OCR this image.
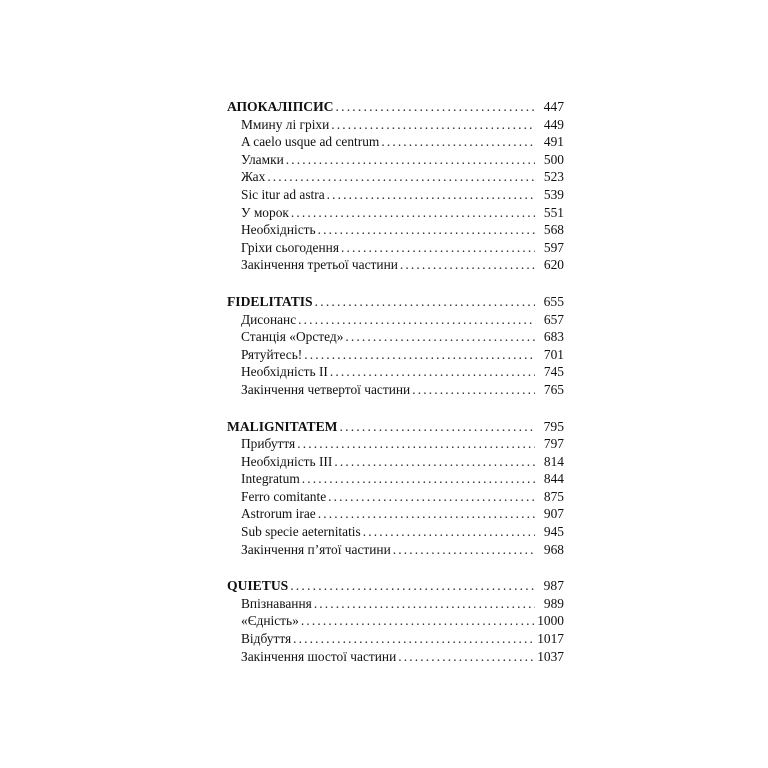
АПОКАЛІПСИС . . .	447
Ммину лі гріхи . . .	449
A caelo usque ad centrum . . .	491
Уламки . . .	500
Жах . . .	523
Sic itur ad astra . . .	539
У морок . . .	551
Необхідність . . .	568
Гріхи сьогодення . . .	597
Закінчення третьої частини . . .	620
FIDELITATIS . . .	655
Дисонанс . . .	657
Станція «Орстед» . . .	683
Рятуйтесь! . . .	701
Необхідність II . . .	745
Закінчення четвертої частини . . .	765
MALIGNITATEM . . .	795
Прибуття . . .	797
Необхідність III . . .	814
Integratum . . .	844
Ferro comitante . . .	875
Astrorum irae . . .	907
Sub specie aeternitatis . . .	945
Закінчення п’ятої частини . . .	968
QUIETUS . . .	987
Впізнавання . . .	989
«Єдність» . . .	1000
Відбуття . . .	1017
Закінчення шостої частини . . .	1037
